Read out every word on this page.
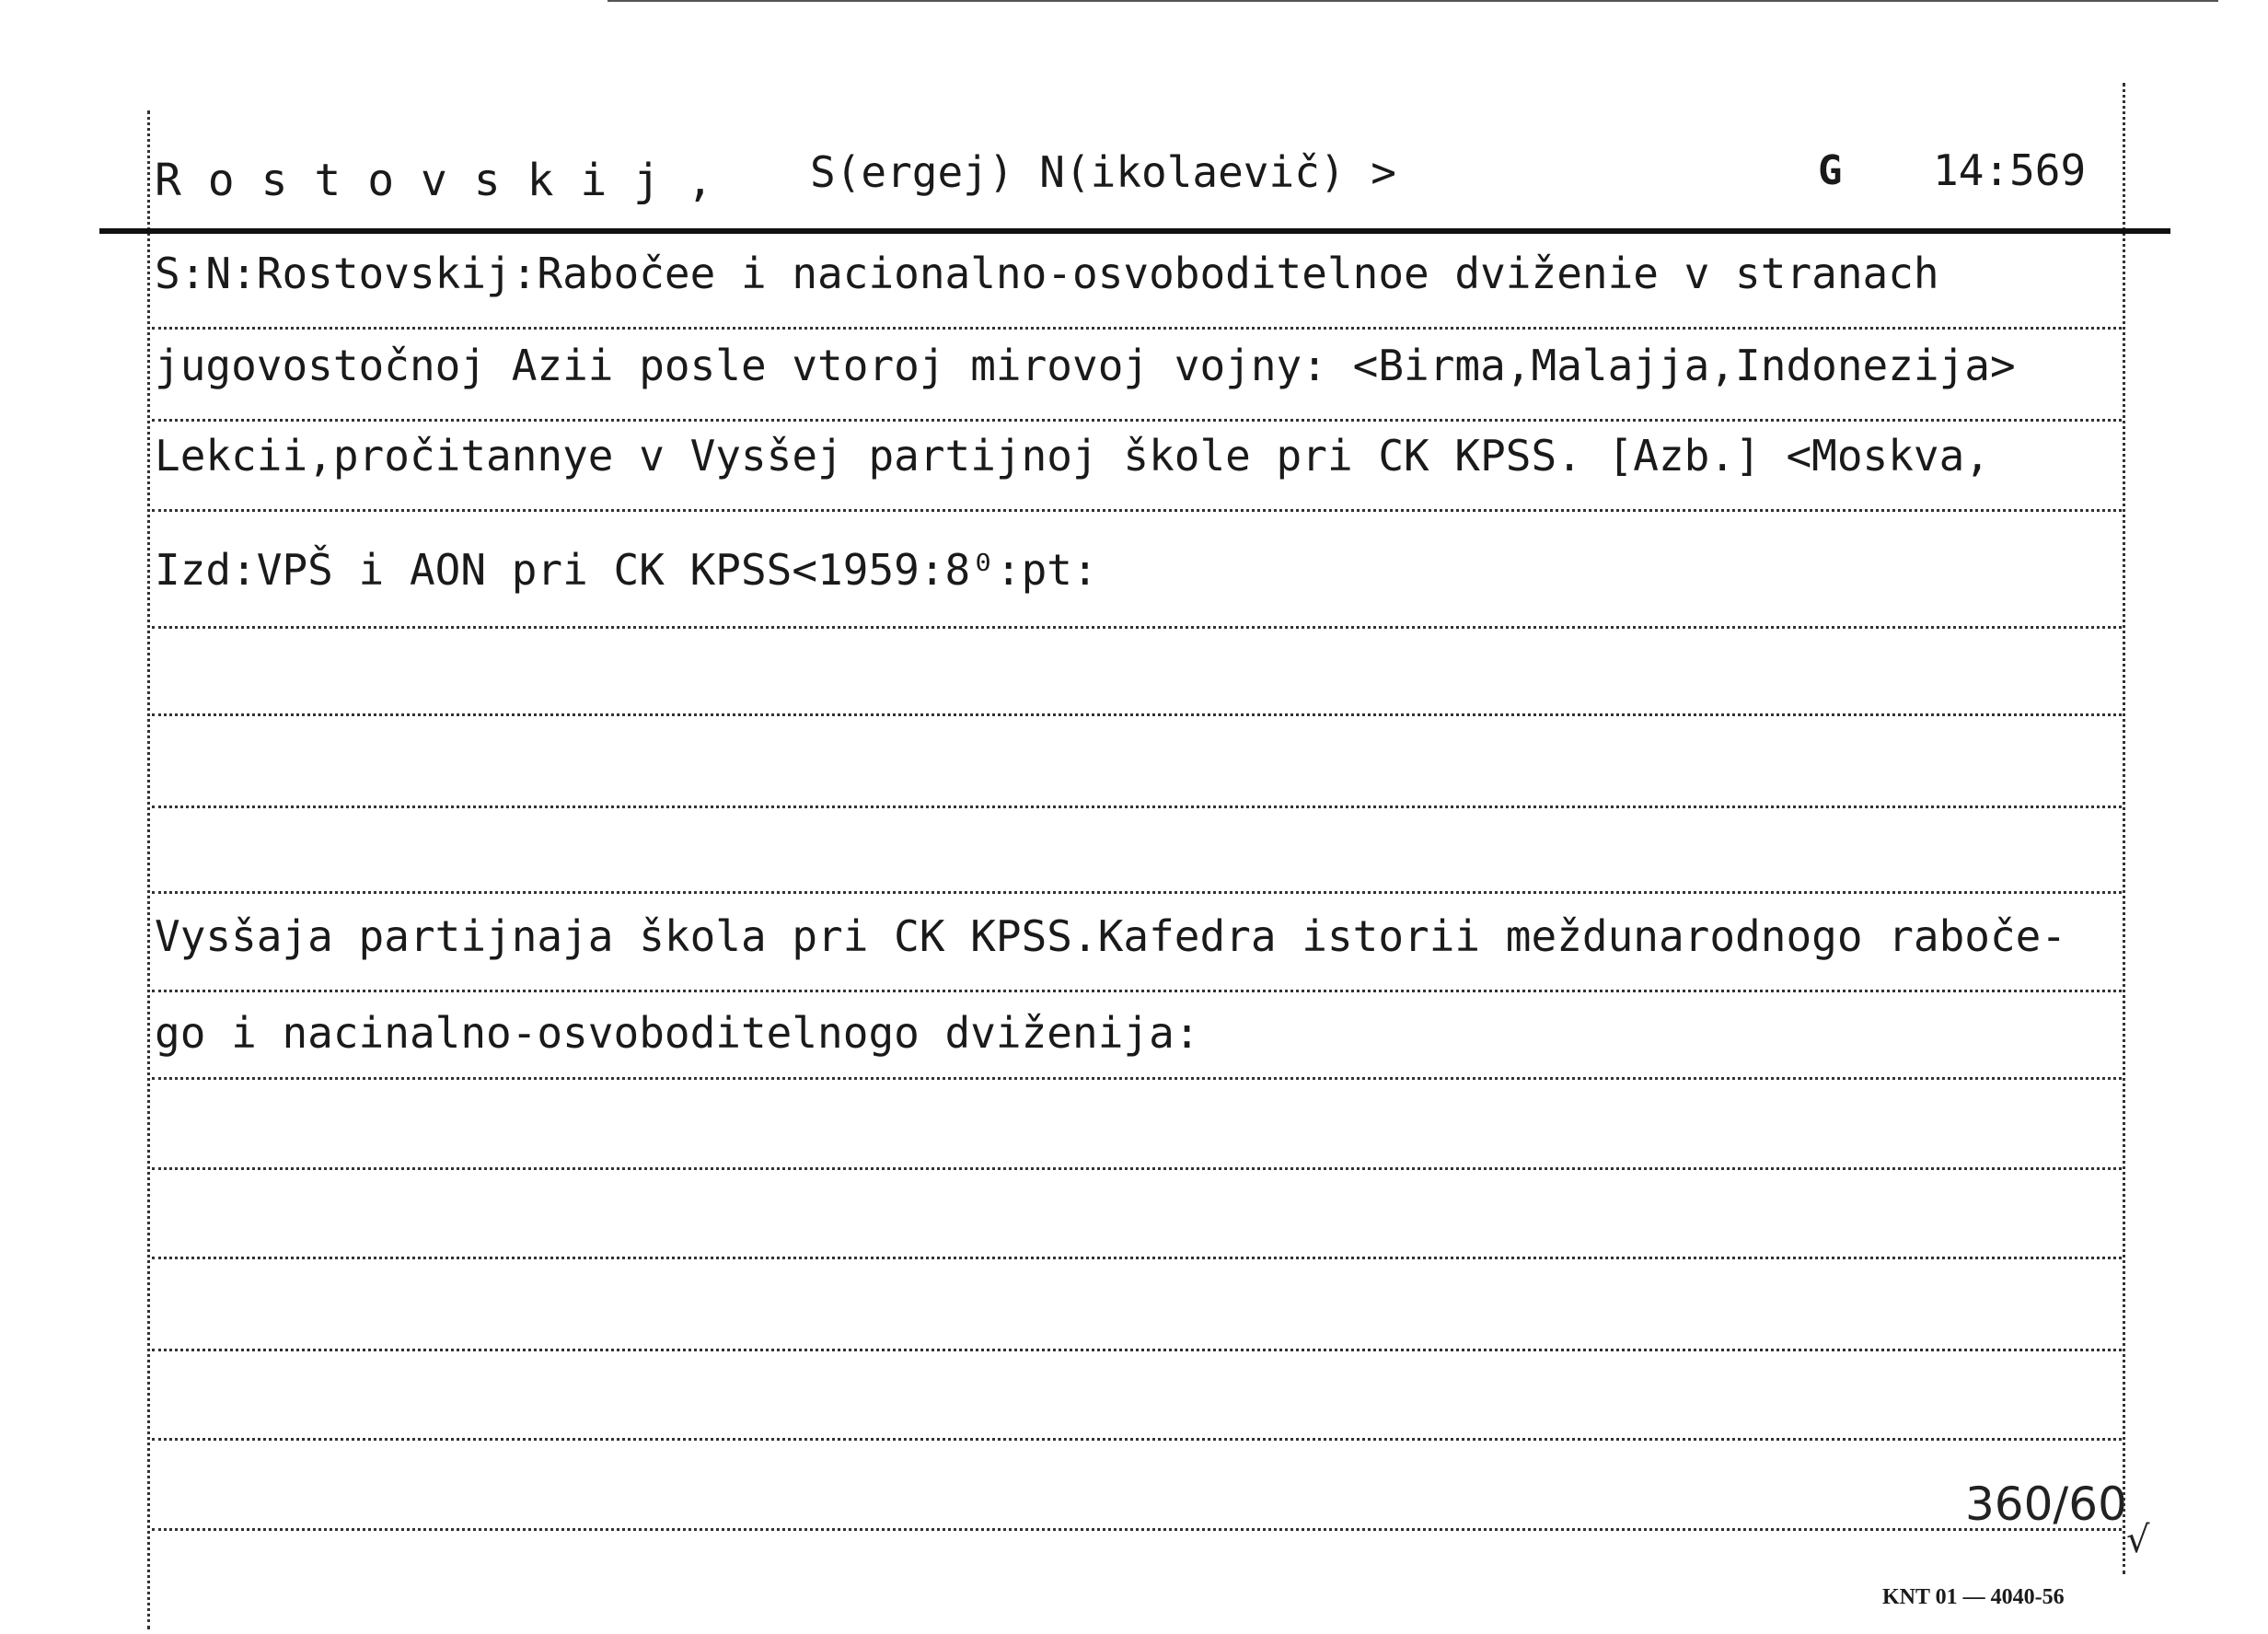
R o s t o v s k i j , S(ergej) N(ikolaevič) >	G 14:569
S:N:Rostovskij:Rabočee i nacionalno-osvoboditelnoe dviženie v stranach
jugovostočnoj Azii posle vtoroj mirovoj vojny: <Birma,Malajja,Indonezija>
Lekcii,pročitannye v Vysšej partijnoj škole pri CK KPSS. [Azb.] <Moskva,
Izd:VPŠ i AON pri CK KPSS<1959:8⁰:pt:
Vysšaja partijnaja škola pri CK KPSS.Kafedra istorii meždunarodnogo raboče-
go i nacinalno-osvoboditelnogo dviženija:
360/60
√
KNT 01 — 4040-56
